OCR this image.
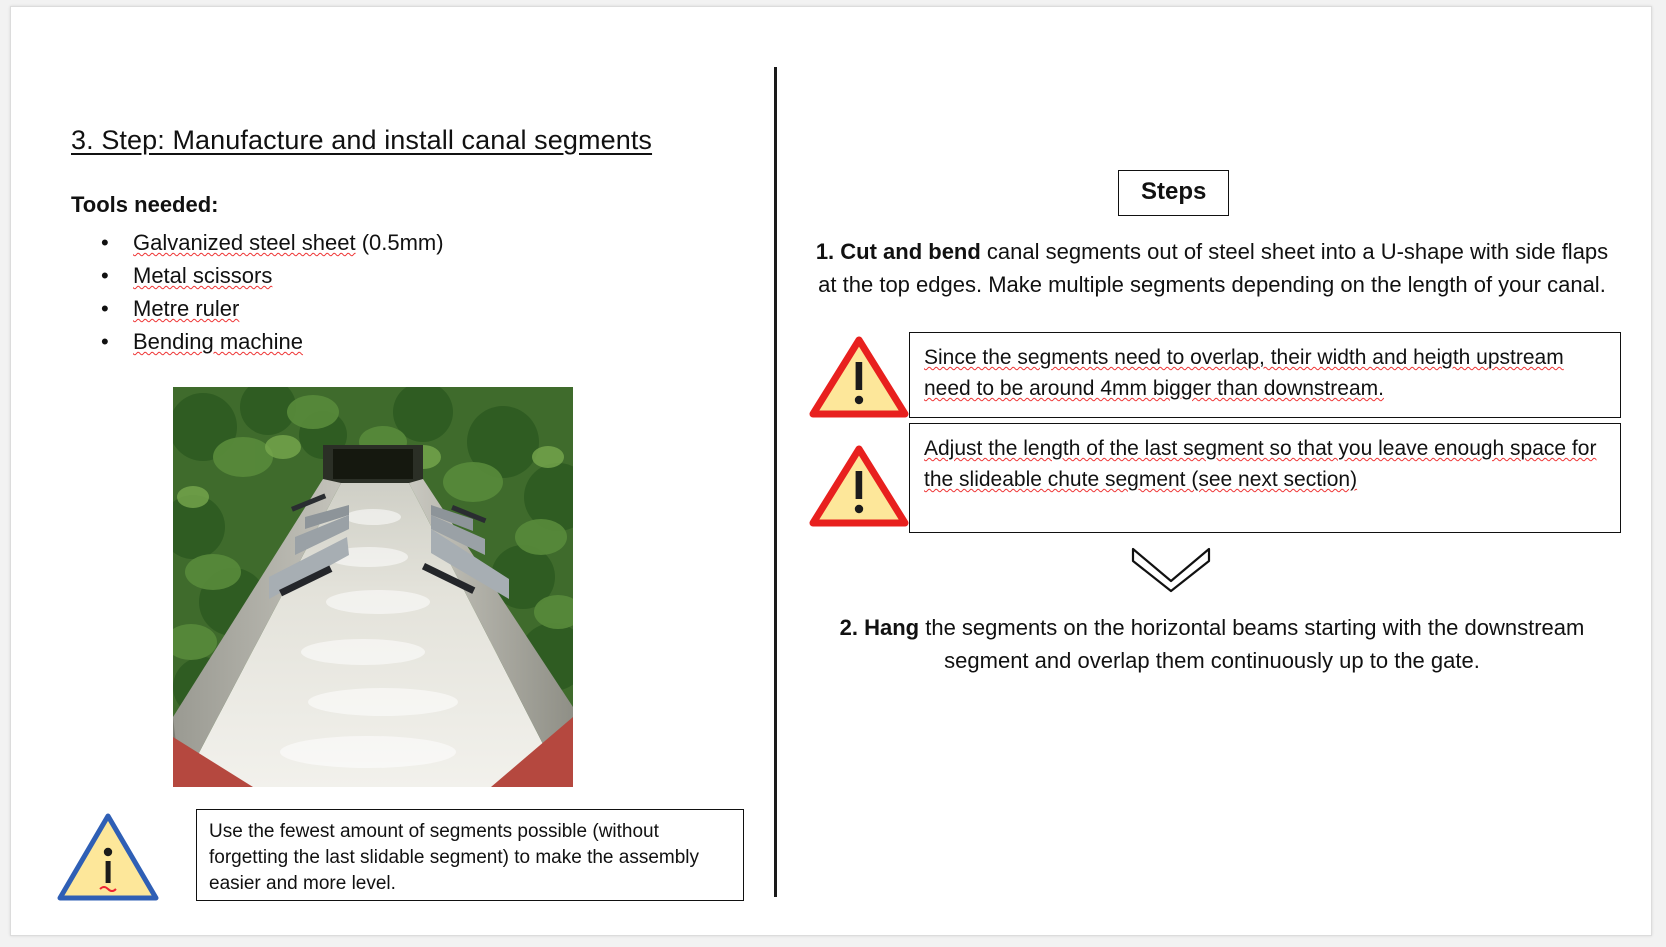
3. Step: Manufacture and install canal segments
Tools needed:
• Galvanized steel sheet (0.5mm)
• Metal scissors
• Metre ruler
• Bending machine
Use the fewest amount of segments possible (without forgetting the last slidable segment) to make the assembly easier and more level.
Steps
1. Cut and bend canal segments out of steel sheet into a U-shape with side flaps at the top edges. Make multiple segments depending on the length of your canal.
Since the segments need to overlap, their width and heigth upstream need to be around 4mm bigger than downstream.
Adjust the length of the last segment so that you leave enough space for the slideable chute segment (see next section)
2. Hang the segments on the horizontal beams starting with the downstream segment and overlap them continuously up to the gate.
